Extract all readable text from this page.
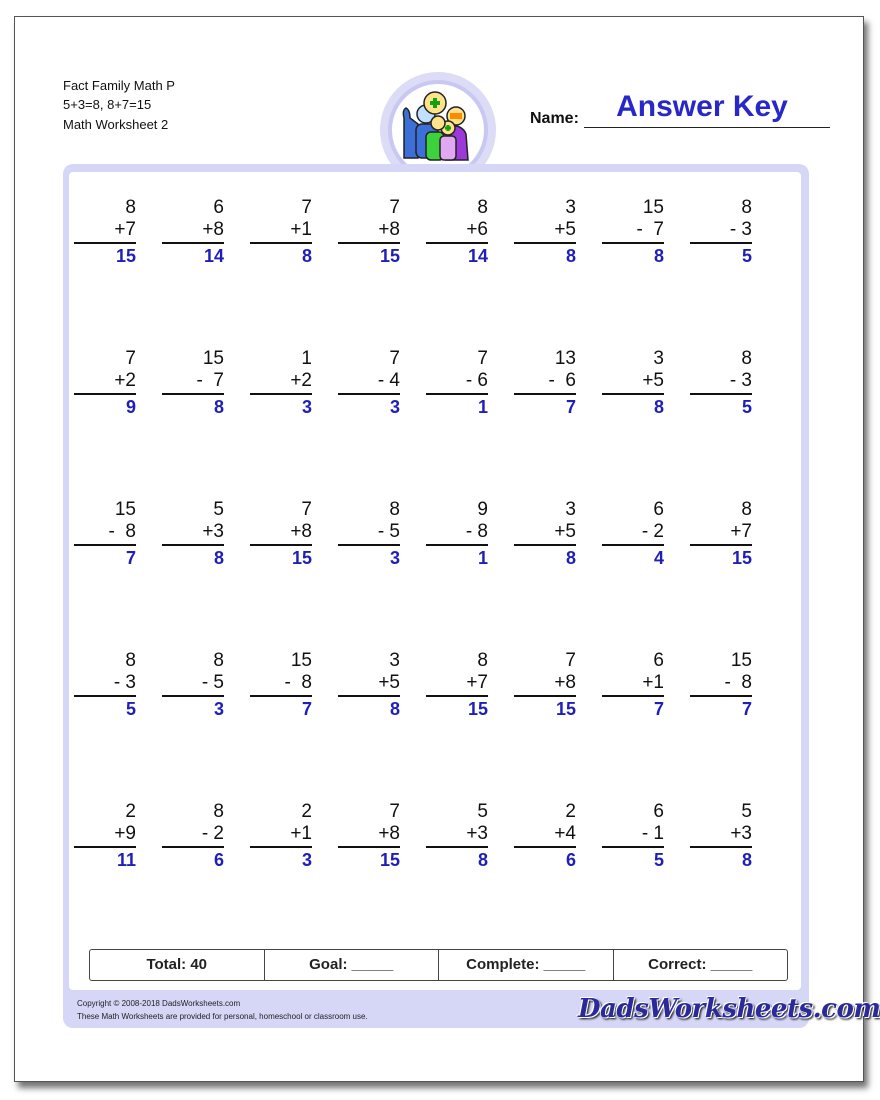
Fact Family Math P
5+3=8, 8+7=15
Math Worksheet 2	Name:	Answer Key
8
+7
15
6
+8
14
7
+1
8
7
+8
15
8
+6
14
3
+5
8
15
-  7
8
8
- 3
5
7
+2
9
15
-  7
8
1
+2
3
7
- 4
3
7
- 6
1
13
-  6
7
3
+5
8
8
- 3
5
15
-  8
7
5
+3
8
7
+8
15
8
- 5
3
9
- 8
1
3
+5
8
6
- 2
4
8
+7
15
8
- 3
5
8
- 5
3
15
-  8
7
3
+5
8
8
+7
15
7
+8
15
6
+1
7
15
-  8
7
2
+9
11
8
- 2
6
2
+1
3
7
+8
15
5
+3
8
2
+4
6
6
- 1
5
5
+3
8
Total: 40	Goal: _____	Complete: _____	Correct: _____
Copyright © 2008-2018 DadsWorksheets.com
These Math Worksheets are provided for personal, homeschool or classroom use.	DadsWorksheets.com
